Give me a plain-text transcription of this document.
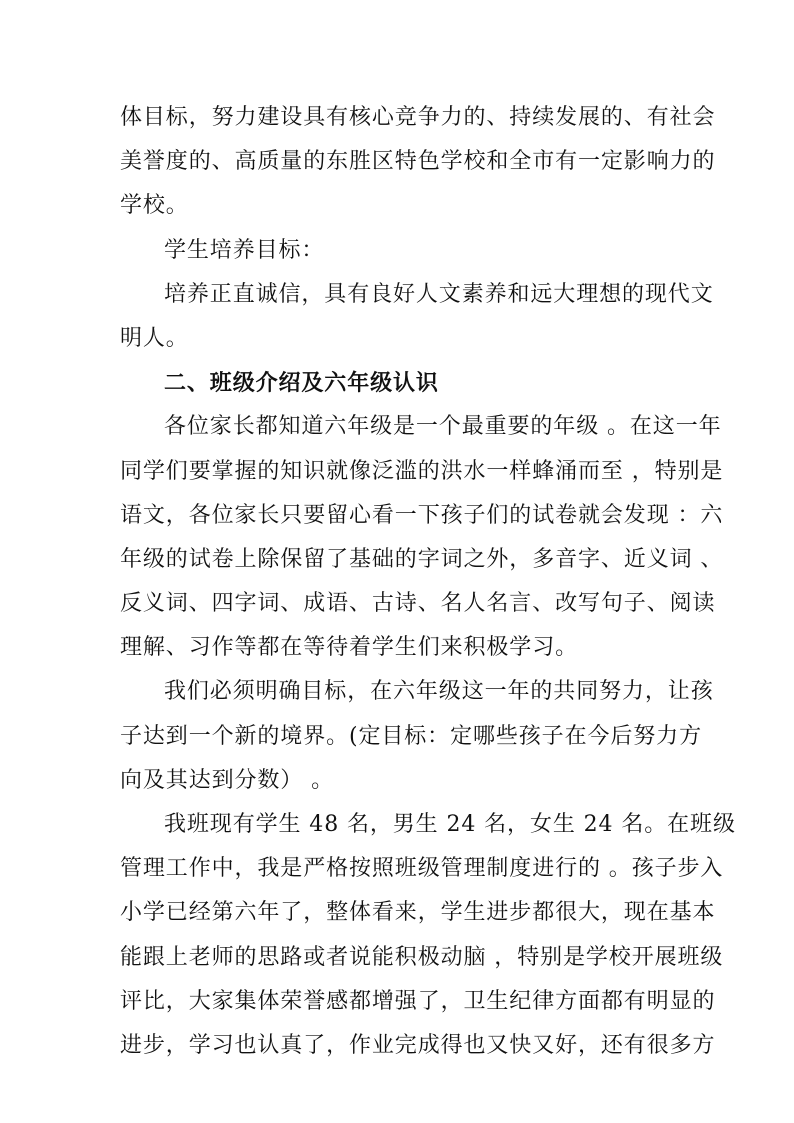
体目标，努力建设具有核心竞争力的、持续发展的、有社会
美誉度的、高质量的东胜区特色学校和全市有一定影响力的
学校。
学生培养目标：
培养正直诚信，具有良好人文素养和远大理想的现代文
明人。
二、班级介绍及六年级认识
各位家长都知道六年级是一个最重要的年级 。在这一年
同学们要掌握的知识就像泛滥的洪水一样蜂涌而至 ，特别是
语文，各位家长只要留心看一下孩子们的试卷就会发现 ：六
年级的试卷上除保留了基础的字词之外，多音字、近义词 、
反义词、四字词、成语、古诗、名人名言、改写句子、阅读
理解、习作等都在等待着学生们来积极学习。
我们必须明确目标，在六年级这一年的共同努力，让孩
子达到一个新的境界。(定目标：定哪些孩子在今后努力方
向及其达到分数） 。
我班现有学生 48 名，男生 24 名，女生 24 名。在班级
管理工作中，我是严格按照班级管理制度进行的 。孩子步入
小学已经第六年了，整体看来，学生进步都很大，现在基本
能跟上老师的思路或者说能积极动脑 ，特别是学校开展班级
评比，大家集体荣誉感都增强了，卫生纪律方面都有明显的
进步，学习也认真了，作业完成得也又快又好，还有很多方
